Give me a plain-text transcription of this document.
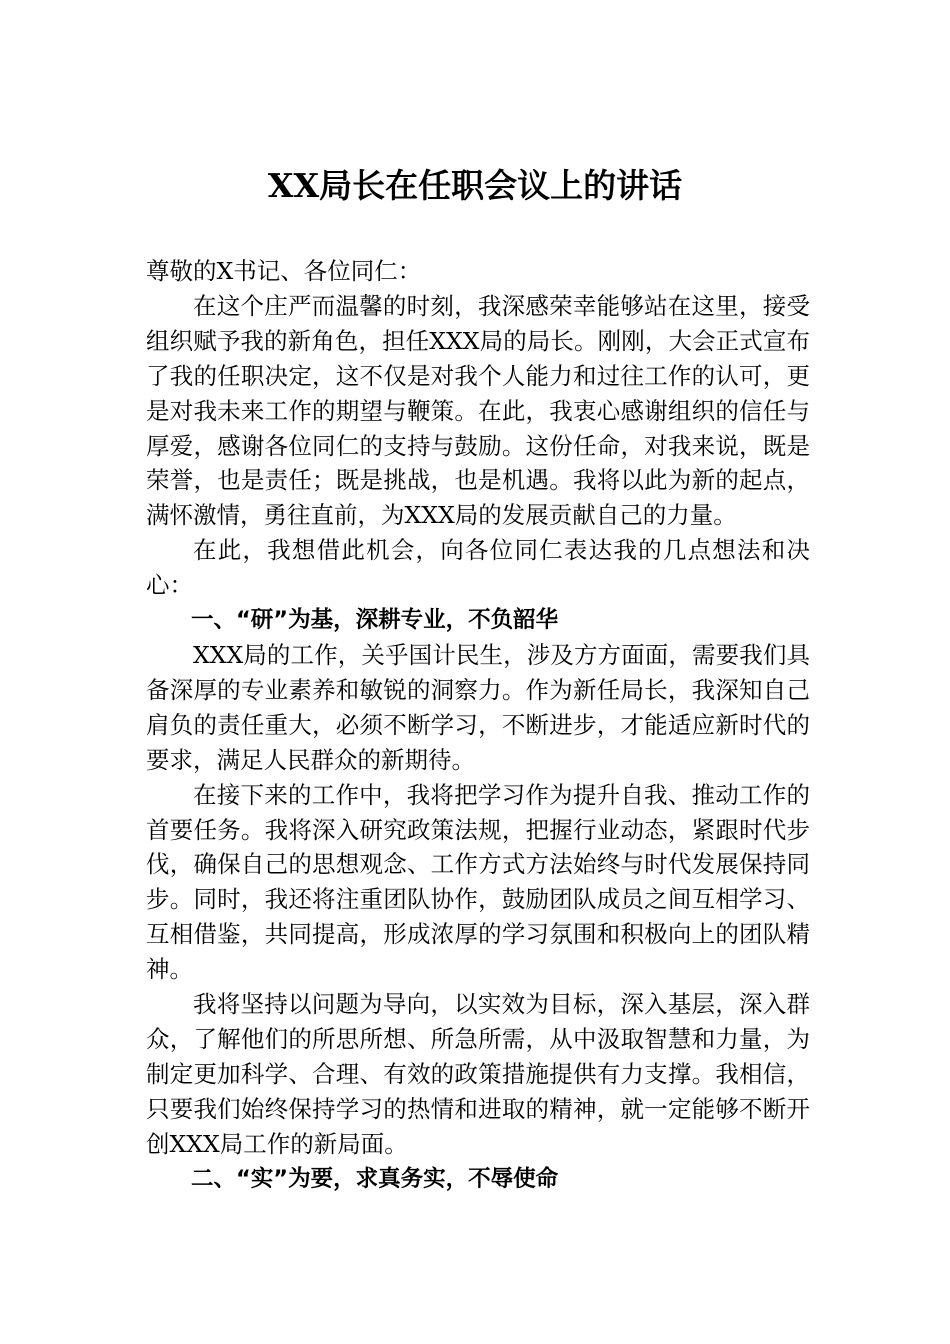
XX局长在任职会议上的讲话

尊敬的X书记、各位同仁：

在这个庄严而温馨的时刻，我深感荣幸能够站在这里，接受组织赋予我的新角色，担任XXX局的局长。刚刚，大会正式宣布了我的任职决定，这不仅是对我个人能力和过往工作的认可，更是对我未来工作的期望与鞭策。在此，我衷心感谢组织的信任与厚爱，感谢各位同仁的支持与鼓励。这份任命，对我来说，既是荣誉，也是责任；既是挑战，也是机遇。我将以此为新的起点，满怀激情，勇往直前，为XXX局的发展贡献自己的力量。

在此，我想借此机会，向各位同仁表达我的几点想法和决心：

一、“研”为基，深耕专业，不负韶华

XXX局的工作，关乎国计民生，涉及方方面面，需要我们具备深厚的专业素养和敏锐的洞察力。作为新任局长，我深知自己肩负的责任重大，必须不断学习，不断进步，才能适应新时代的要求，满足人民群众的新期待。

在接下来的工作中，我将把学习作为提升自我、推动工作的首要任务。我将深入研究政策法规，把握行业动态，紧跟时代步伐，确保自己的思想观念、工作方式方法始终与时代发展保持同步。同时，我还将注重团队协作，鼓励团队成员之间互相学习、互相借鉴，共同提高，形成浓厚的学习氛围和积极向上的团队精神。

我将坚持以问题为导向，以实效为目标，深入基层，深入群众，了解他们的所思所想、所急所需，从中汲取智慧和力量，为制定更加科学、合理、有效的政策措施提供有力支撑。我相信，只要我们始终保持学习的热情和进取的精神，就一定能够不断开创XXX局工作的新局面。

二、“实”为要，求真务实，不辱使命
